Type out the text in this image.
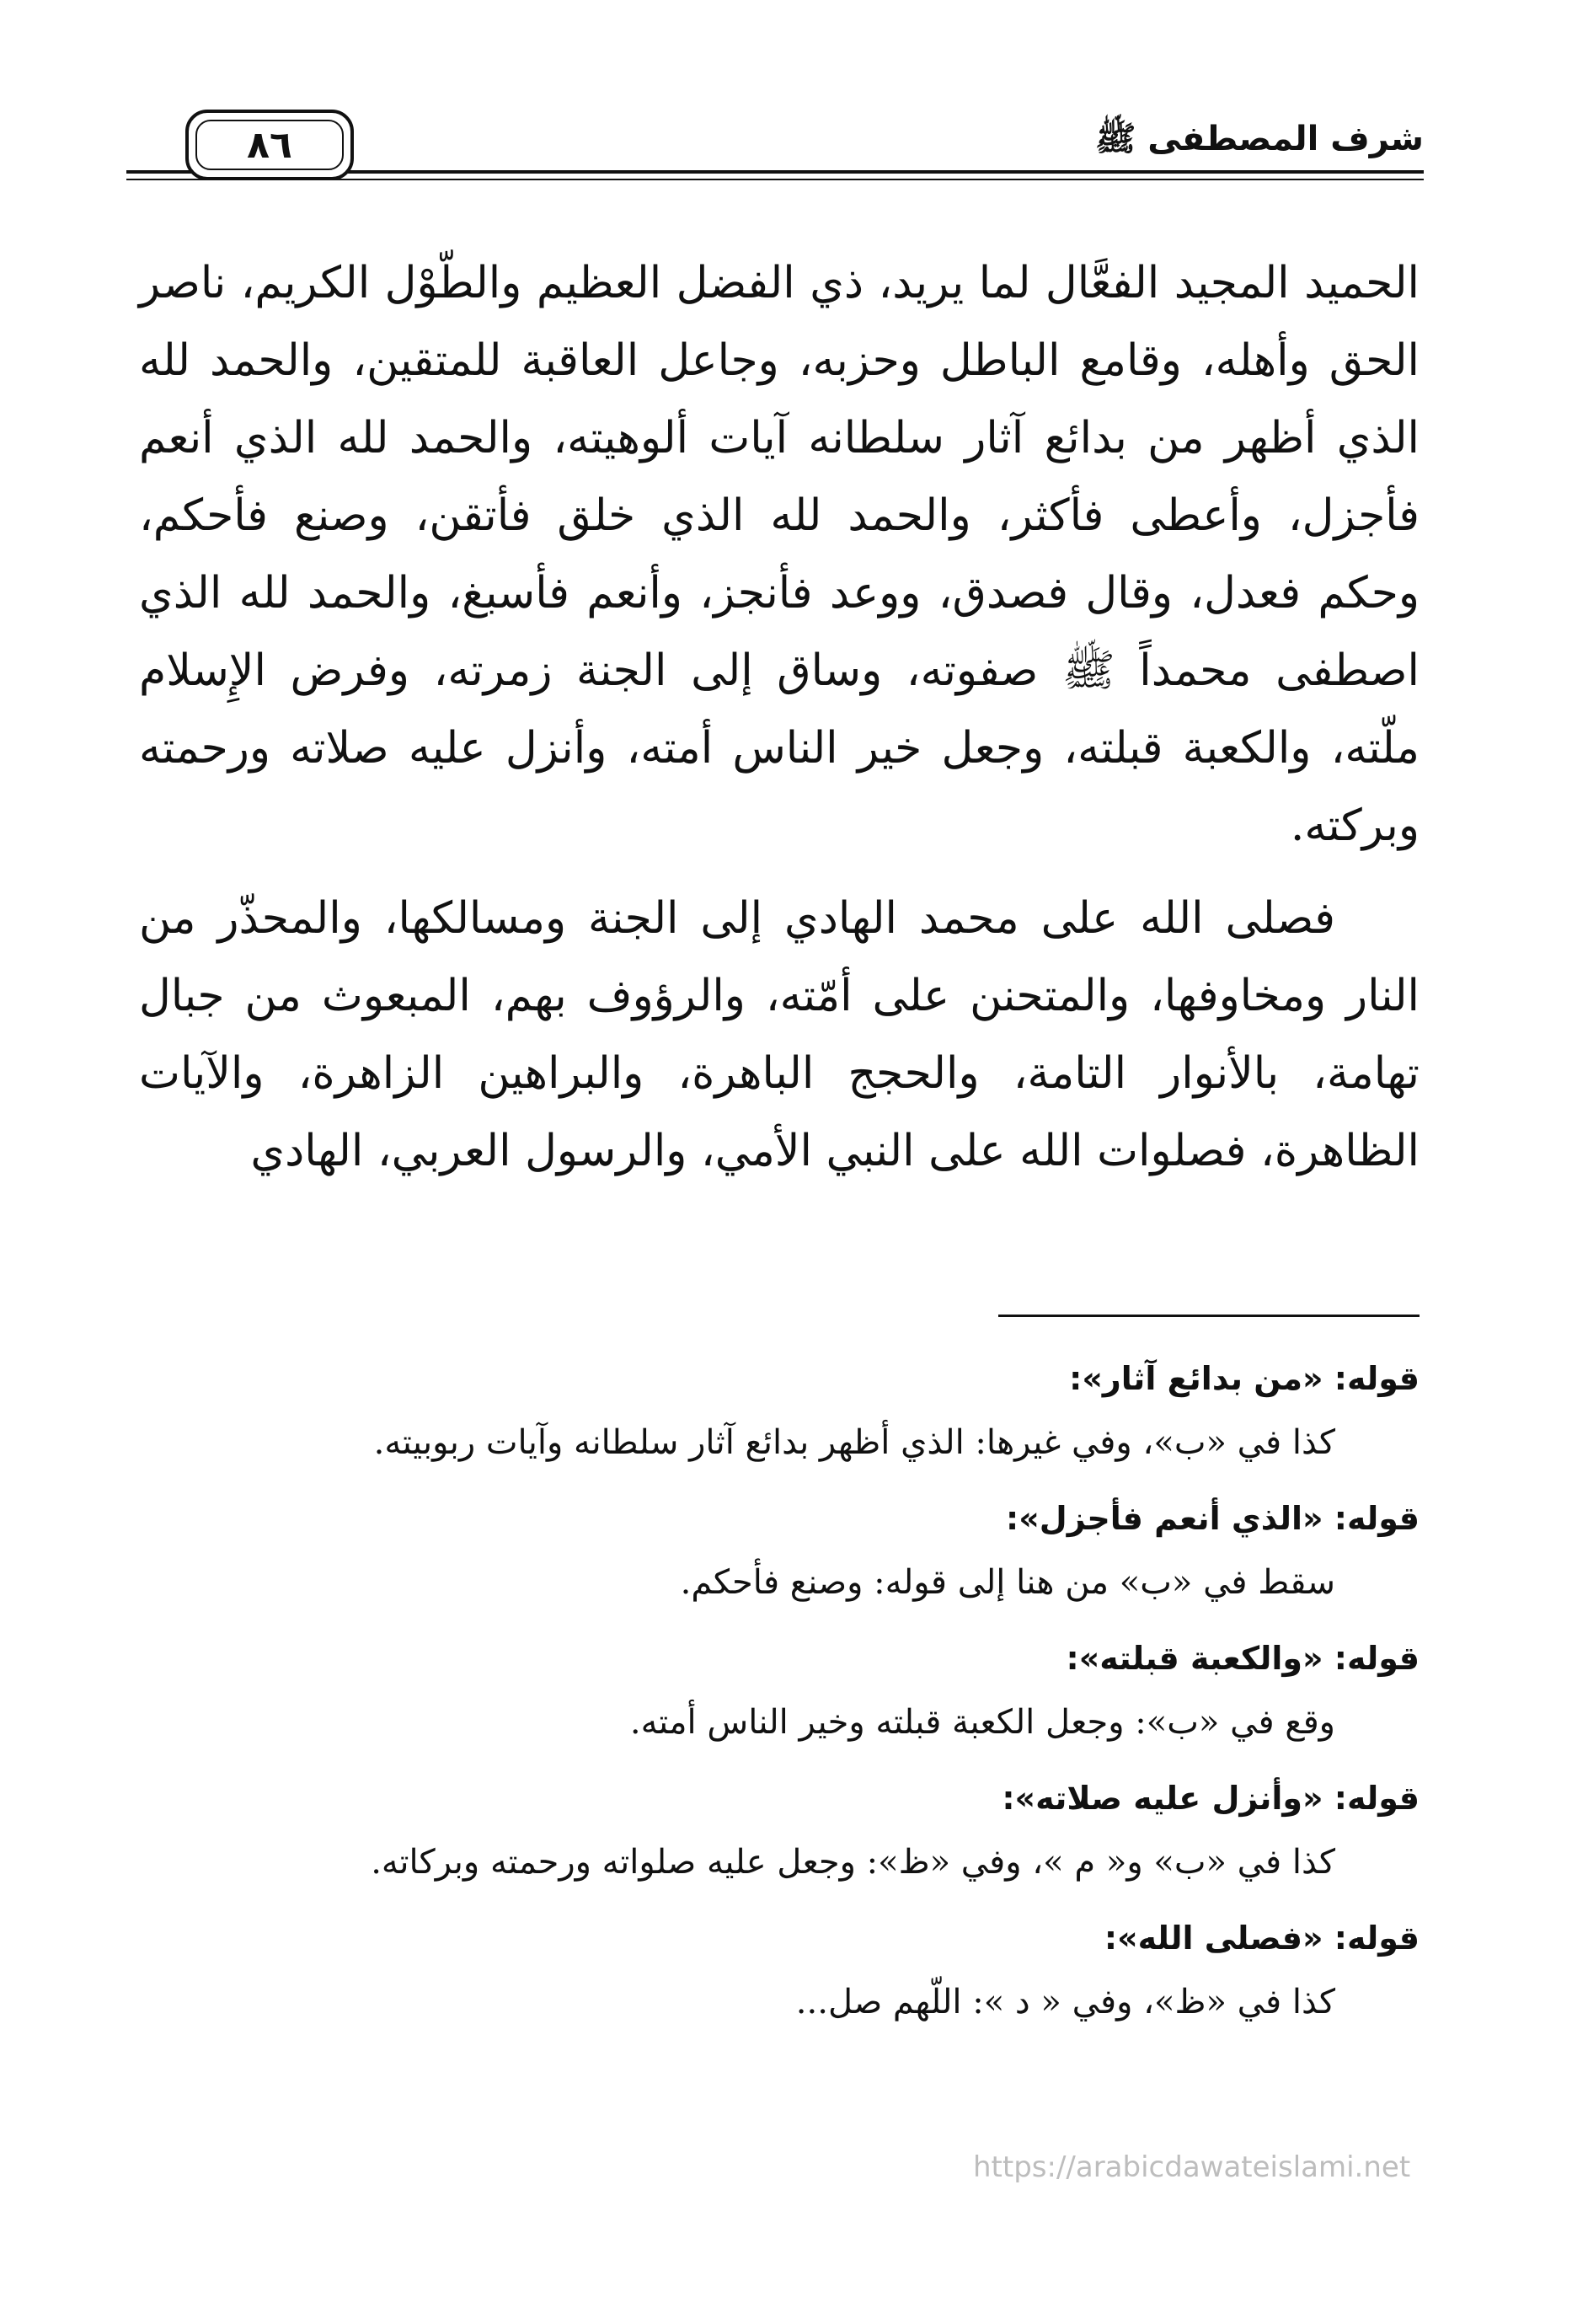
٨٦	شرف المصطفى ﷺ

الحميد المجيد الفعَّال لما يريد، ذي الفضل العظيم والطّوْل الكريم، ناصر الحق وأهله، وقامع الباطل وحزبه، وجاعل العاقبة للمتقين، والحمد لله الذي أظهر من بدائع آثار سلطانه آيات ألوهيته، والحمد لله الذي أنعم فأجزل، وأعطى فأكثر، والحمد لله الذي خلق فأتقن، وصنع فأحكم، وحكم فعدل، وقال فصدق، ووعد فأنجز، وأنعم فأسبغ، والحمد لله الذي اصطفى محمداً ﷺ صفوته، وساق إلى الجنة زمرته، وفرض الإِسلام ملّته، والكعبة قبلته، وجعل خير الناس أمته، وأنزل عليه صلاته ورحمته وبركته.

فصلى الله على محمد الهادي إلى الجنة ومسالكها، والمحذّر من النار ومخاوفها، والمتحنن على أمّته، والرؤوف بهم، المبعوث من جبال تهامة، بالأنوار التامة، والحجج الباهرة، والبراهين الزاهرة، والآيات الظاهرة، فصلوات الله على النبي الأمي، والرسول العربي، الهادي

قوله: «من بدائع آثار»:
كذا في «ب»، وفي غيرها: الذي أظهر بدائع آثار سلطانه وآيات ربوبيته.
قوله: «الذي أنعم فأجزل»:
سقط في «ب» من هنا إلى قوله: وصنع فأحكم.
قوله: «والكعبة قبلته»:
وقع في «ب»: وجعل الكعبة قبلته وخير الناس أمته.
قوله: «وأنزل عليه صلاته»:
كذا في «ب» و« م »، وفي «ظ»: وجعل عليه صلواته ورحمته وبركاته.
قوله: «فصلى الله»:
كذا في «ظ»، وفي « د »: اللّهم صل...
https://arabicdawateislami.net
